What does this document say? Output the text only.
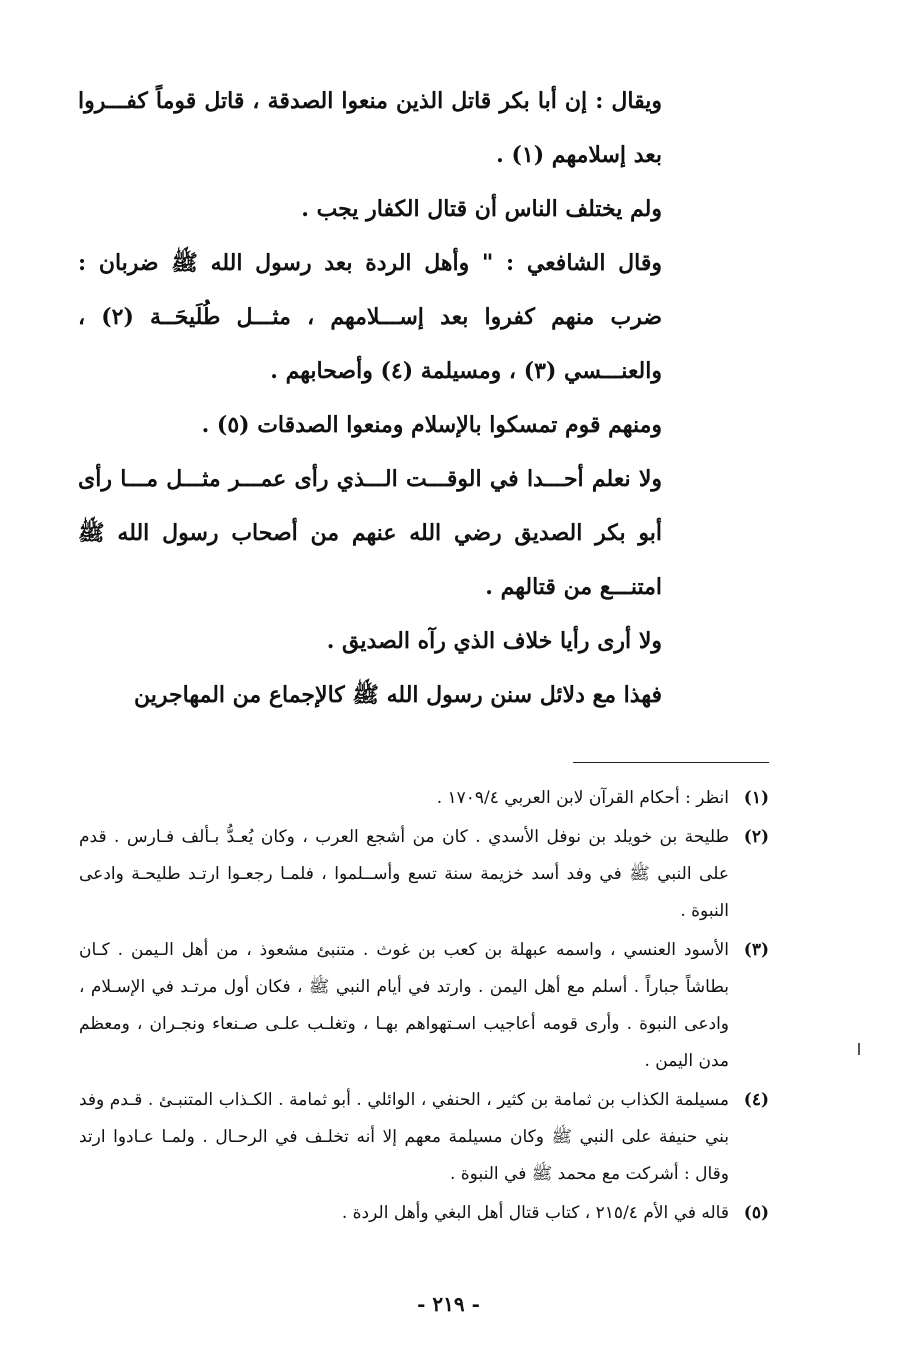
ويقال : إن أبا بكر قاتل الذين منعوا الصدقة ، قاتل قوماً كفـــروا بعد إسلامهم (١) .

ولم يختلف الناس أن قتال الكفار يجب .

وقال الشافعي : " وأهل الردة بعد رسول الله ﷺ ضربان : ضرب منهم كفروا بعد إســـلامهم ، مثـــل طُلَيحَــة (٢) ، والعنـــسي (٣) ، ومسيلمة (٤) وأصحابهم .

ومنهم قوم تمسكوا بالإسلام ومنعوا الصدقات (٥) .

ولا نعلم أحـــدا في الوقـــت الـــذي رأى عمـــر مثـــل مـــا رأى أبو بكر الصديق رضي الله عنهم من أصحاب رسول الله ﷺ امتنـــع من قتالهم .

ولا أرى رأيا خلاف الذي رآه الصديق .

فهذا مع دلائل سنن رسول الله ﷺ كالإجماع من المهاجرين

(١)
انظر : أحكام القرآن لابن العربي ١٧٠٩/٤ .
(٢)
طليحة بن خويلد بن نوفل الأسدي . كان من أشجع العرب ، وكان يُعـدُّ بـألف فـارس . قدم على النبي ﷺ في وفد أسد خزيمة سنة تسع وأســلموا ، فلمـا رجعـوا ارتـد طليحـة وادعى النبوة .
(٣)
الأسود العنسي ، واسمه عبهلة بن كعب بن غوث . متنبئ مشعوذ ، من أهل الـيمن . كـان بطاشاً جباراً . أسلم مع أهل اليمن . وارتد في أيام النبي ﷺ ، فكان أول مرتـد في الإسـلام ، وادعى النبوة . وأرى قومه أعاجيب اسـتهواهم بهـا ، وتغلـب علـى صـنعاء ونجـران ، ومعظم مدن اليمن .
(٤)
مسيلمة الكذاب بن ثمامة بن كثير ، الحنفي ، الوائلي . أبو ثمامة . الكـذاب المتنبـئ . قـدم وفد بني حنيفة على النبي ﷺ وكان مسيلمة معهم إلا أنه تخلـف في الرحـال . ولمـا عـادوا ارتد وقال : أشركت مع محمد ﷺ في النبوة .
(٥)
قاله في الأم ٢١٥/٤ ، كتاب قتال أهل البغي وأهل الردة .
- ٢١٩ -
